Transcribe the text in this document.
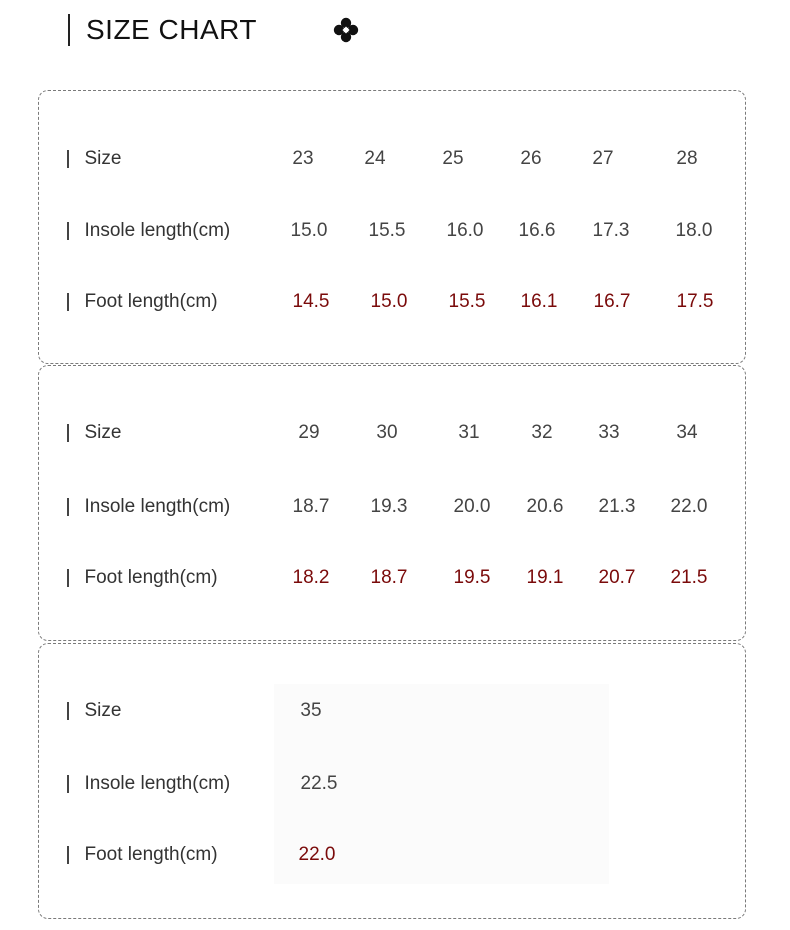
SIZE CHART
Size	23	24	25	26	27	28
Insole length(cm)	15.0	15.5	16.0	16.6	17.3	18.0
Foot length(cm)	14.5	15.0	15.5	16.1	16.7	17.5
Size	29	30	31	32	33	34
Insole length(cm)	18.7	19.3	20.0	20.6	21.3	22.0
Foot length(cm)	18.2	18.7	19.5	19.1	20.7	21.5
Size	35
Insole length(cm)	22.5
Foot length(cm)	22.0
